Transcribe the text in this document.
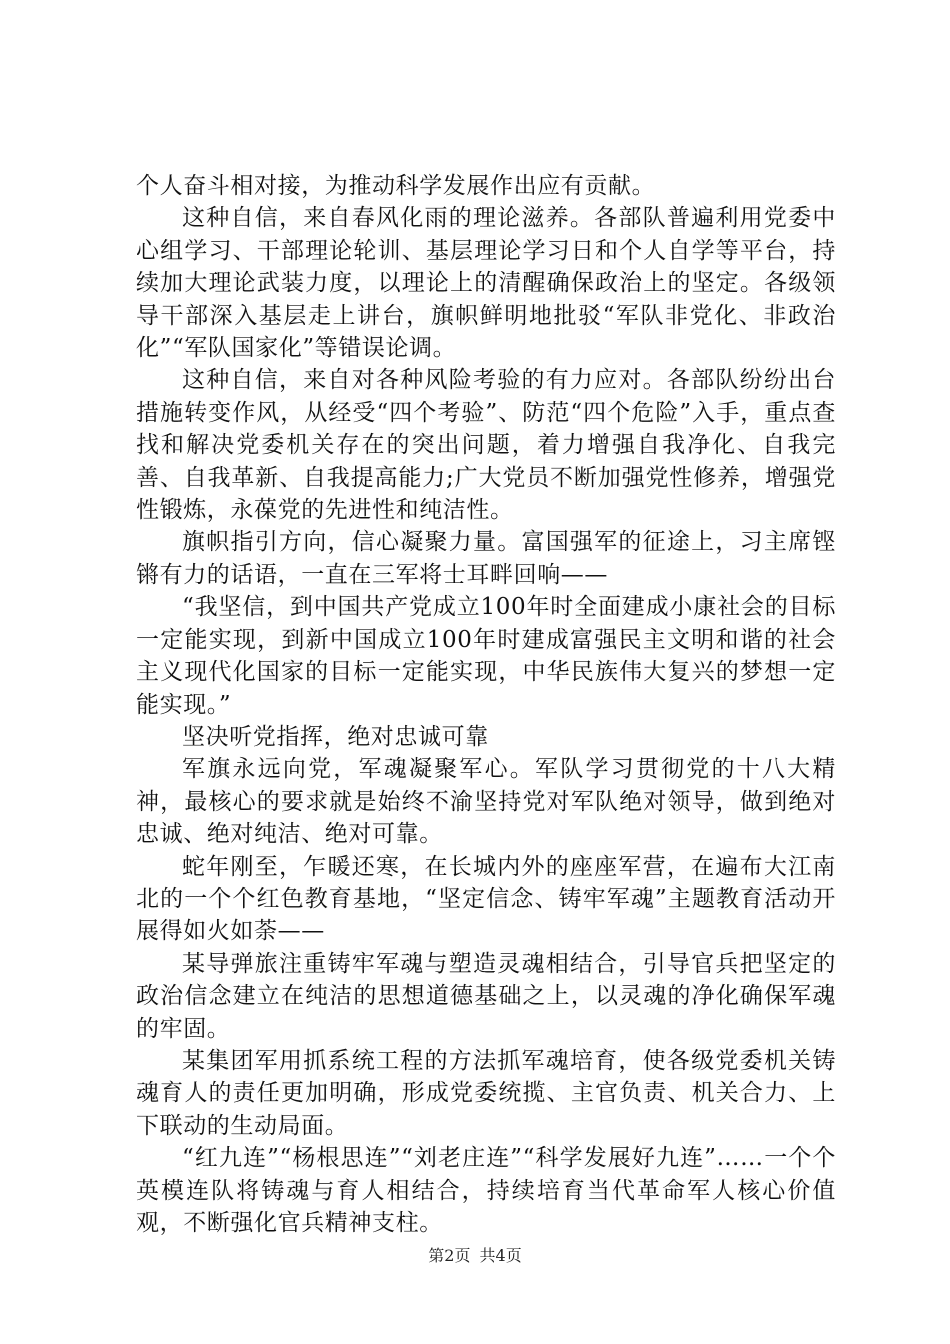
个人奋斗相对接，为推动科学发展作出应有贡献。

这种自信，来自春风化雨的理论滋养。各部队普遍利用党委中心组学习、干部理论轮训、基层理论学习日和个人自学等平台，持续加大理论武装力度，以理论上的清醒确保政治上的坚定。各级领导干部深入基层走上讲台，旗帜鲜明地批驳“军队非党化、非政治化”“军队国家化”等错误论调。

这种自信，来自对各种风险考验的有力应对。各部队纷纷出台措施转变作风，从经受“四个考验”、防范“四个危险”入手，重点查找和解决党委机关存在的突出问题，着力增强自我净化、自我完善、自我革新、自我提高能力;广大党员不断加强党性修养，增强党性锻炼，永葆党的先进性和纯洁性。

旗帜指引方向，信心凝聚力量。富国强军的征途上，习主席铿锵有力的话语，一直在三军将士耳畔回响——

“我坚信，到中国共产党成立100年时全面建成小康社会的目标一定能实现，到新中国成立100年时建成富强民主文明和谐的社会主义现代化国家的目标一定能实现，中华民族伟大复兴的梦想一定能实现。”

坚决听党指挥，绝对忠诚可靠

军旗永远向党，军魂凝聚军心。军队学习贯彻党的十八大精神，最核心的要求就是始终不渝坚持党对军队绝对领导，做到绝对忠诚、绝对纯洁、绝对可靠。

蛇年刚至，乍暖还寒，在长城内外的座座军营，在遍布大江南北的一个个红色教育基地，“坚定信念、铸牢军魂”主题教育活动开展得如火如荼——

某导弹旅注重铸牢军魂与塑造灵魂相结合，引导官兵把坚定的政治信念建立在纯洁的思想道德基础之上，以灵魂的净化确保军魂的牢固。

某集团军用抓系统工程的方法抓军魂培育，使各级党委机关铸魂育人的责任更加明确，形成党委统揽、主官负责、机关合力、上下联动的生动局面。

“红九连”“杨根思连”“刘老庄连”“科学发展好九连”……一个个英模连队将铸魂与育人相结合，持续培育当代革命军人核心价值观，不断强化官兵精神支柱。

第2页 共4页
